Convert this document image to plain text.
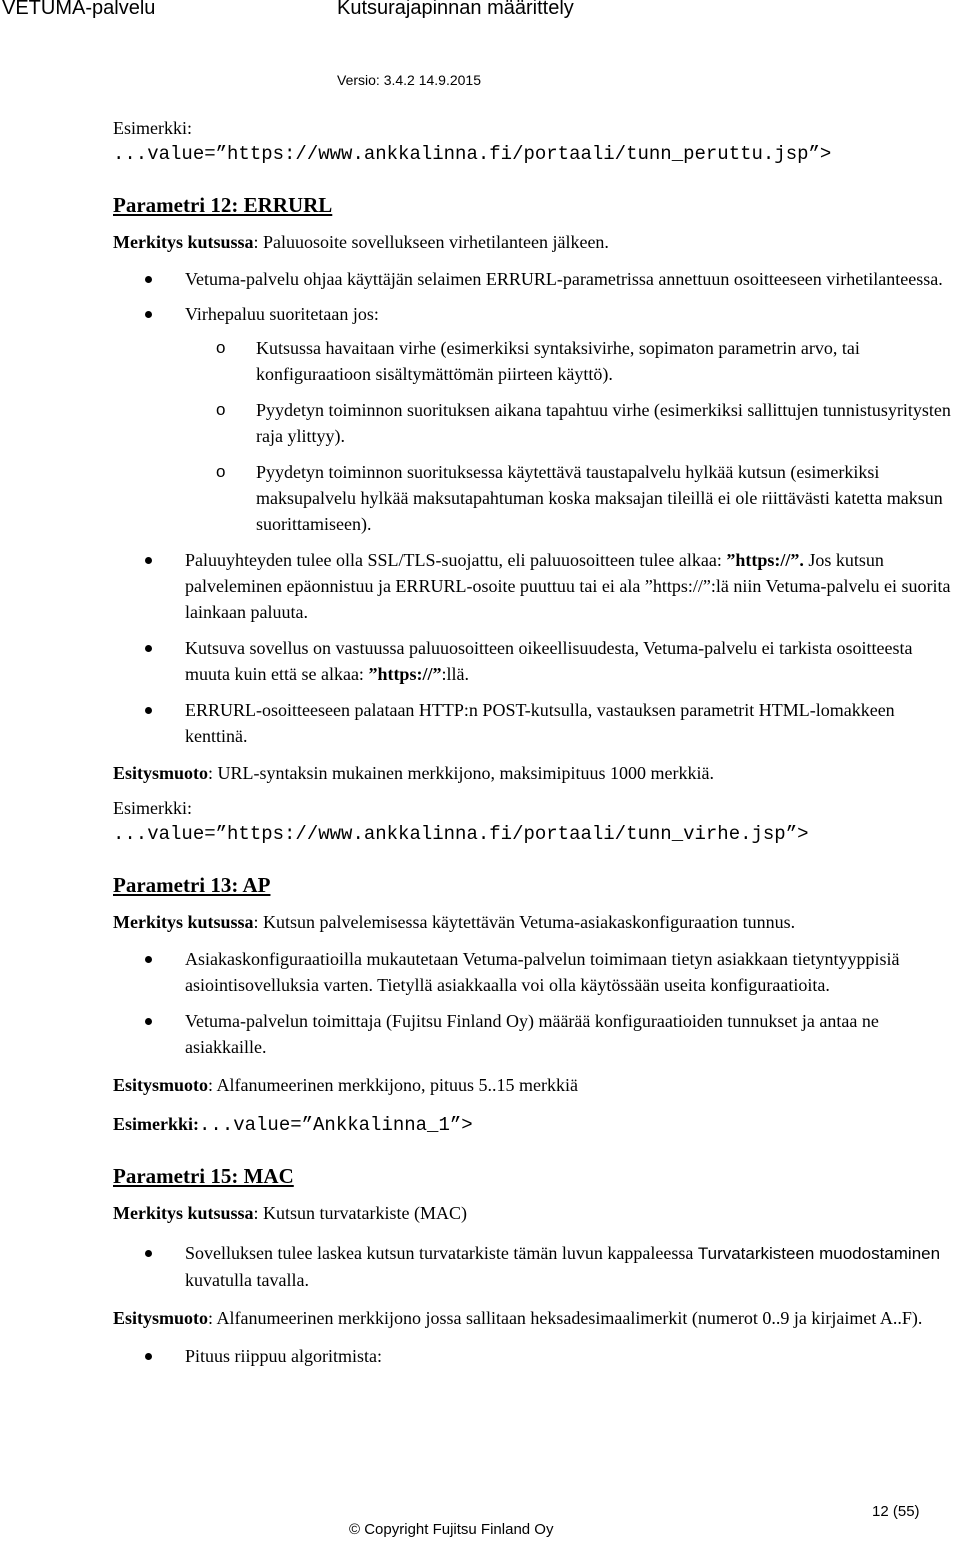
VETUMA-palvelu	Kutsurajapinnan määrittely
Versio: 3.4.2 14.9.2015
Esimerkki:
...value=”https://www.ankkalinna.fi/portaali/tunn_peruttu.jsp”>
Parametri 12: ERRURL
Merkitys kutsussa: Paluuosoite sovellukseen virhetilanteen jälkeen.
Vetuma-palvelu ohjaa käyttäjän selaimen ERRURL-parametrissa annettuun osoitteeseen virhetilanteessa.
Virhepaluu suoritetaan jos:
o Kutsussa havaitaan virhe (esimerkiksi syntaksivirhe, sopimaton parametrin arvo, tai konfiguraatioon sisältymättömän piirteen käyttö).
o Pyydetyn toiminnon suorituksen aikana tapahtuu virhe (esimerkiksi sallittujen tunnistusyritysten raja ylittyy).
o Pyydetyn toiminnon suorituksessa käytettävä taustapalvelu hylkää kutsun (esimerkiksi maksupalvelu hylkää maksutapahtuman koska maksajan tileillä ei ole riittävästi katetta maksun suorittamiseen).
Paluuyhteyden tulee olla SSL/TLS-suojattu, eli paluuosoitteen tulee alkaa: ”https://”. Jos kutsun palveleminen epäonnistuu ja ERRURL-osoite puuttuu tai ei ala ”https://”:lä niin Vetuma-palvelu ei suorita lainkaan paluuta.
Kutsuva sovellus on vastuussa paluuosoitteen oikeellisuudesta, Vetuma-palvelu ei tarkista osoitteesta muuta kuin että se alkaa: ”https://”:llä.
ERRURL-osoitteeseen palataan HTTP:n POST-kutsulla, vastauksen parametrit HTML-lomakkeen kenttinä.
Esitysmuoto: URL-syntaksin mukainen merkkijono, maksimipituus 1000 merkkiä.
Esimerkki:
...value=”https://www.ankkalinna.fi/portaali/tunn_virhe.jsp”>
Parametri 13: AP
Merkitys kutsussa: Kutsun palvelemisessa käytettävän Vetuma-asiakaskonfiguraation tunnus.
Asiakaskonfiguraatioilla mukautetaan Vetuma-palvelun toimimaan tietyn asiakkaan tietyntyyppisiä asiointisovelluksia varten. Tietyllä asiakkaalla voi olla käytössään useita konfiguraatioita.
Vetuma-palvelun toimittaja (Fujitsu Finland Oy) määrää konfiguraatioiden tunnukset ja antaa ne asiakkaille.
Esitysmuoto: Alfanumeerinen merkkijono, pituus 5..15 merkkiä
Esimerkki:...value=”Ankkalinna_1”>
Parametri 15: MAC
Merkitys kutsussa: Kutsun turvatarkiste (MAC)
Sovelluksen tulee laskea kutsun turvatarkiste tämän luvun kappaleessa Turvatarkisteen muodostaminen kuvatulla tavalla.
Esitysmuoto: Alfanumeerinen merkkijono jossa sallitaan heksadesimaalimerkit (numerot 0..9 ja kirjaimet A..F).
Pituus riippuu algoritmista:
12 (55)
© Copyright Fujitsu Finland Oy
